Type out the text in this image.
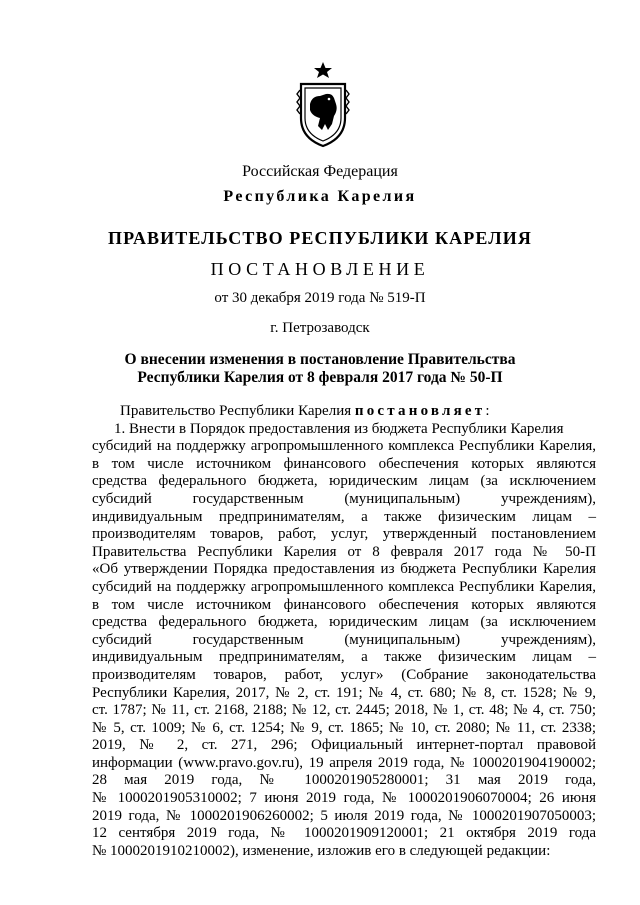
Российская Федерация
Республика Карелия
ПРАВИТЕЛЬСТВО РЕСПУБЛИКИ КАРЕЛИЯ
ПОСТАНОВЛЕНИЕ
от 30 декабря 2019 года № 519-П
г. Петрозаводск
О внесении изменения в постановление Правительства
Республики Карелия от 8 февраля 2017 года № 50-П
Правительство Республики Карелия постановляет:
1. Внести в Порядок предоставления из бюджета Республики Карелия
субсидий на поддержку агропромышленного комплекса Республики Карелия,
в том числе источником финансового обеспечения которых являются
средства федерального бюджета, юридическим лицам (за исключением
субсидий государственным (муниципальным) учреждениям),
индивидуальным предпринимателям, а также физическим лицам –
производителям товаров, работ, услуг, утвержденный постановлением
Правительства Республики Карелия от 8 февраля 2017 года № 50-П
«Об утверждении Порядка предоставления из бюджета Республики Карелия
субсидий на поддержку агропромышленного комплекса Республики Карелия,
в том числе источником финансового обеспечения которых являются
средства федерального бюджета, юридическим лицам (за исключением
субсидий государственным (муниципальным) учреждениям),
индивидуальным предпринимателям, а также физическим лицам –
производителям товаров, работ, услуг» (Собрание законодательства
Республики Карелия, 2017, № 2, ст. 191; № 4, ст. 680; № 8, ст. 1528; № 9,
ст. 1787; № 11, ст. 2168, 2188; № 12, ст. 2445; 2018, № 1, ст. 48; № 4, ст. 750;
№ 5, ст. 1009; № 6, ст. 1254; № 9, ст. 1865; № 10, ст. 2080; № 11, ст. 2338;
2019, № 2, ст. 271, 296; Официальный интернет-портал правовой
информации (www.pravo.gov.ru), 19 апреля 2019 года, № 1000201904190002;
28 мая 2019 года, № 1000201905280001; 31 мая 2019 года,
№ 1000201905310002; 7 июня 2019 года, № 1000201906070004; 26 июня
2019 года, № 1000201906260002; 5 июля 2019 года, № 1000201907050003;
12 сентября 2019 года, № 1000201909120001; 21 октября 2019 года
№ 1000201910210002), изменение, изложив его в следующей редакции:
